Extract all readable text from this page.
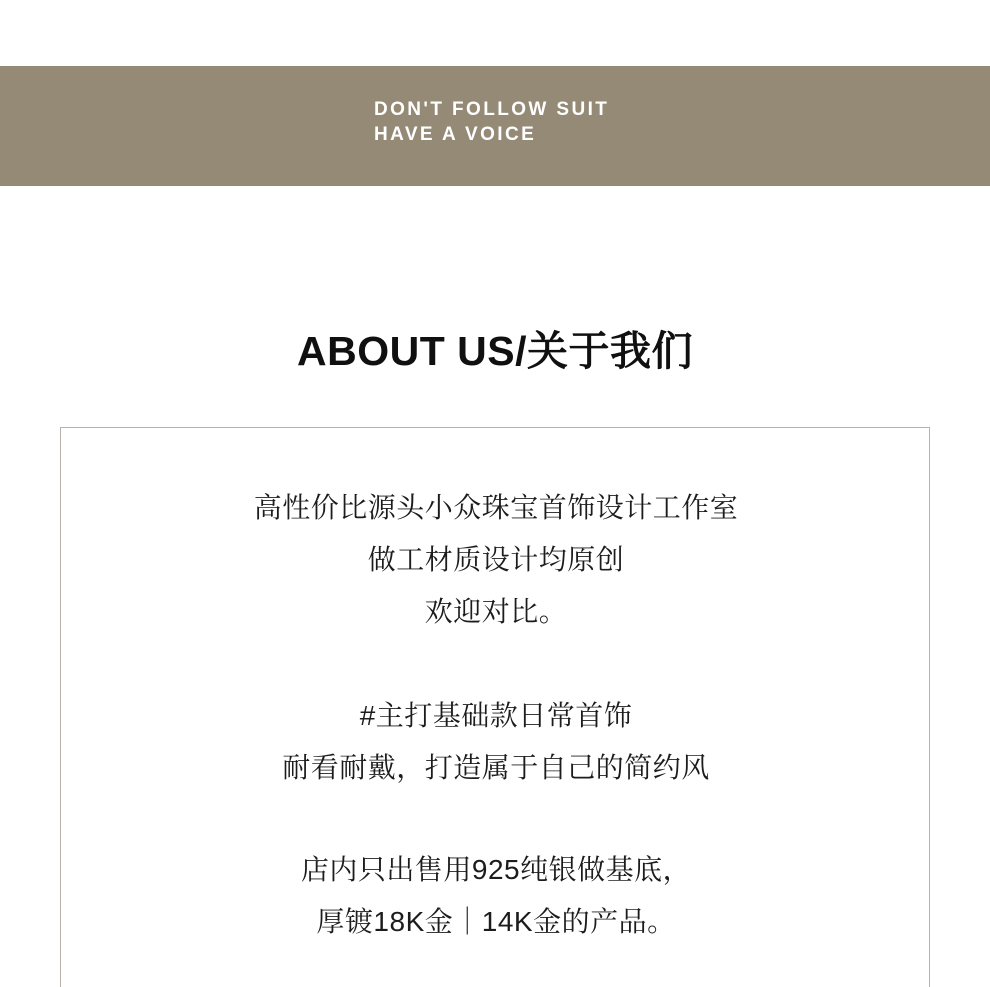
DON'T FOLLOW SUIT
HAVE A VOICE
ABOUT US/关于我们

高性价比源头小众珠宝首饰设计工作室

做工材质设计均原创

欢迎对比。

#主打基础款日常首饰

耐看耐戴，打造属于自己的简约风

店内只出售用925纯银做基底，

厚镀18K金｜14K金的产品。
